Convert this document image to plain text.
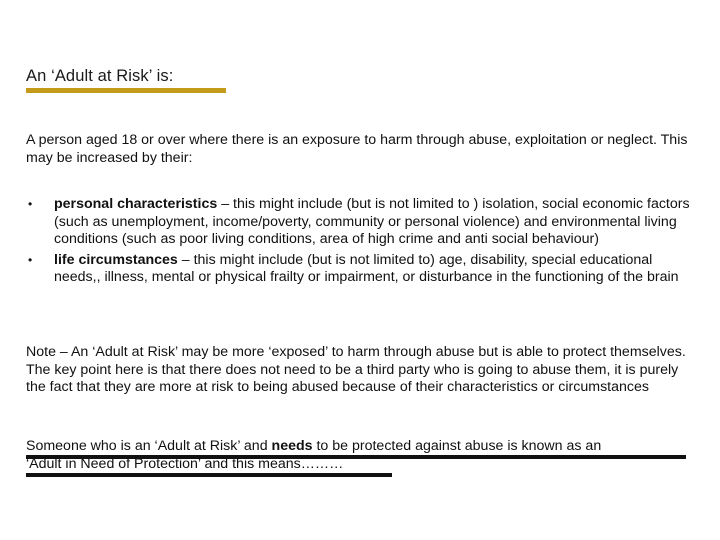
An ‘Adult at Risk’ is:

A person aged 18 or over where there is an exposure to harm through abuse, exploitation or neglect. This may be increased by their:

• personal characteristics – this might include (but is not limited to ) isolation, social economic factors (such as unemployment, income/poverty, community or personal violence) and environmental living conditions (such as poor living conditions, area of high crime and anti social behaviour)
• life circumstances – this might include (but is not limited to) age, disability, special educational needs,, illness, mental or physical frailty or impairment, or disturbance in the functioning of the brain

Note – An ‘Adult at Risk’ may be more ‘exposed’ to harm through abuse but is able to protect themselves. The key point here is that there does not need to be a third party who is going to abuse them, it is purely the fact that they are more at risk to being abused because of their characteristics or circumstances

Someone who is an ‘Adult at Risk’ and needs to be protected against abuse is known as an
‘Adult in Need of Protection’ and this means………
